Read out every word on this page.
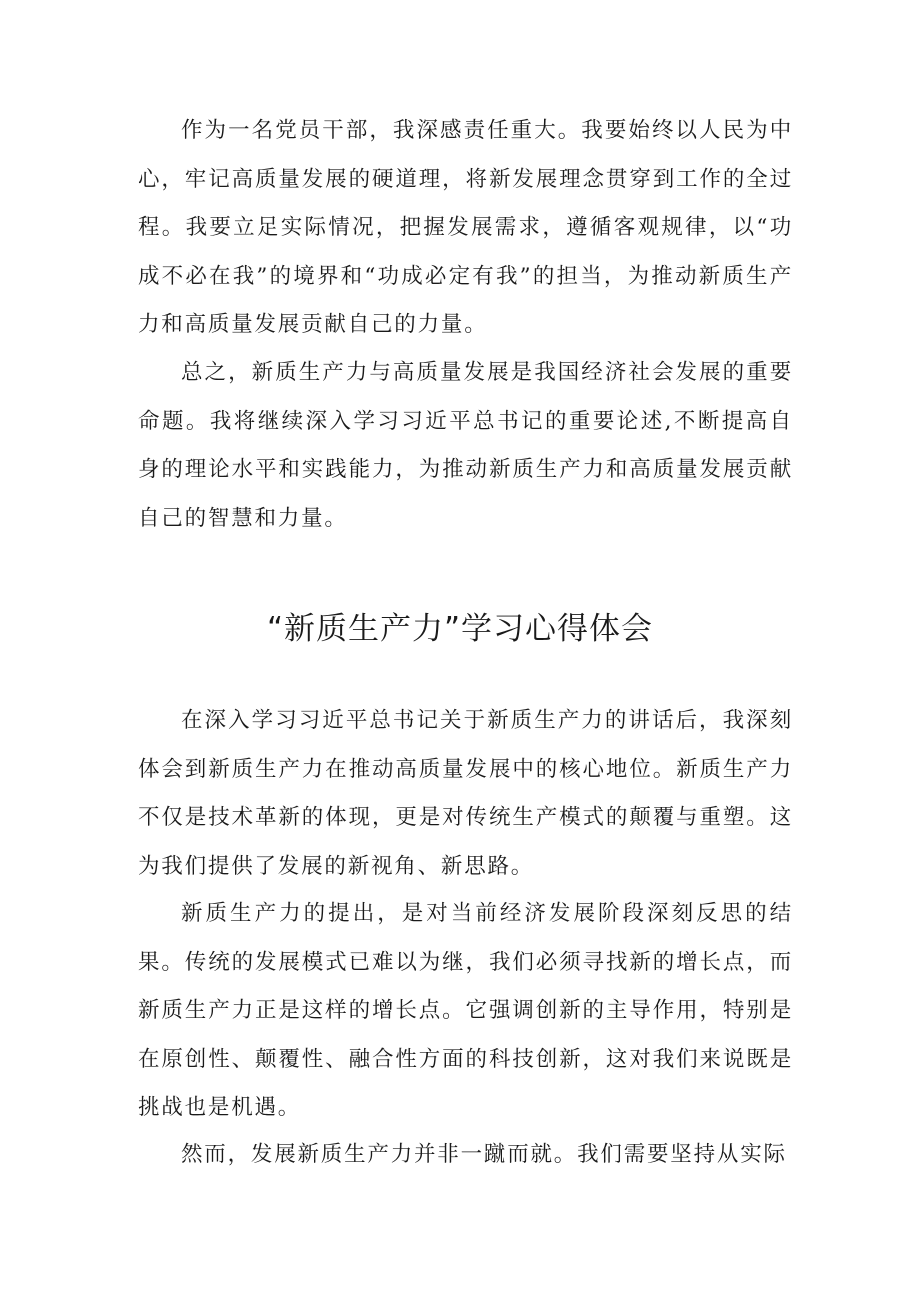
作为一名党员干部，我深感责任重大。我要始终以人民为中心，牢记高质量发展的硬道理，将新发展理念贯穿到工作的全过程。我要立足实际情况，把握发展需求，遵循客观规律，以“功成不必在我”的境界和“功成必定有我”的担当，为推动新质生产力和高质量发展贡献自己的力量。

总之，新质生产力与高质量发展是我国经济社会发展的重要命题。我将继续深入学习习近平总书记的重要论述,不断提高自身的理论水平和实践能力，为推动新质生产力和高质量发展贡献自己的智慧和力量。

“新质生产力”学习心得体会

在深入学习习近平总书记关于新质生产力的讲话后，我深刻体会到新质生产力在推动高质量发展中的核心地位。新质生产力不仅是技术革新的体现，更是对传统生产模式的颠覆与重塑。这为我们提供了发展的新视角、新思路。

新质生产力的提出，是对当前经济发展阶段深刻反思的结果。传统的发展模式已难以为继，我们必须寻找新的增长点，而新质生产力正是这样的增长点。它强调创新的主导作用，特别是在原创性、颠覆性、融合性方面的科技创新，这对我们来说既是挑战也是机遇。

然而，发展新质生产力并非一蹴而就。我们需要坚持从实际
